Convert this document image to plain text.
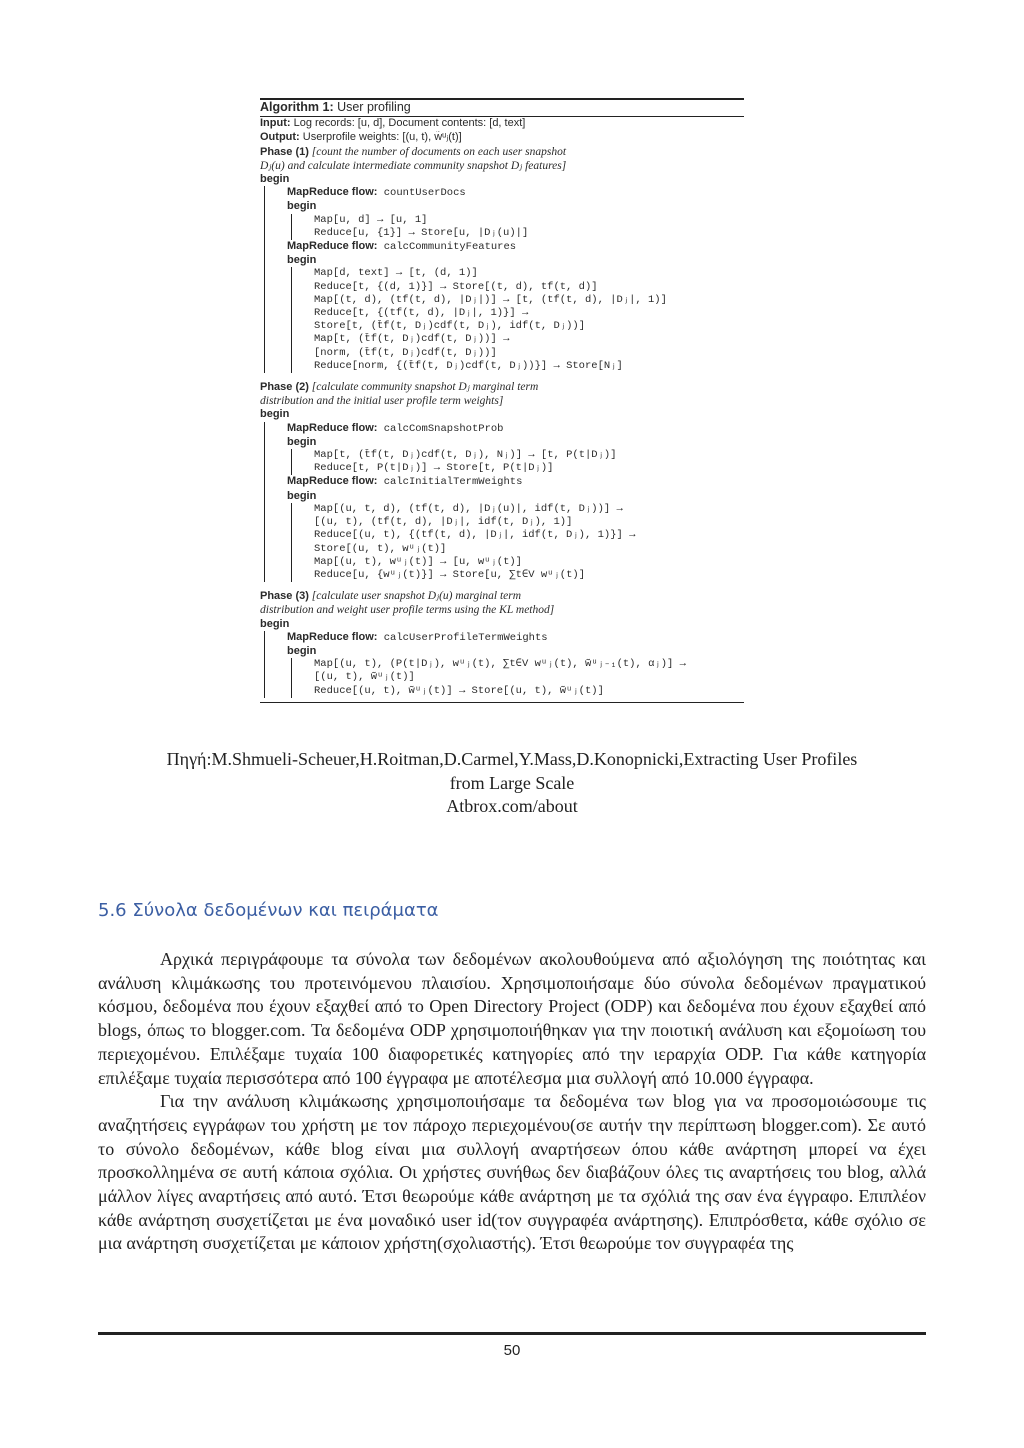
Algorithm 1: User profiling
Input: Log records: [u, d], Document contents: [d, text]
Output: Userprofile weights: [(u, t), w̃ᵘⱼ(t)]
Phase (1) [count the number of documents on each user snapshot
Dⱼ(u) and calculate intermediate community snapshot Dⱼ features]
begin
MapReduce flow: countUserDocs
begin
Map[u, d] → [u, 1]
Reduce[u, {1}] → Store[u, |Dⱼ(u)|]
MapReduce flow: calcCommunityFeatures
begin
Map[d, text] → [t, (d, 1)]
Reduce[t, {(d, 1)}] → Store[(t, d), tf(t, d)]
Map[(t, d), (tf(t, d), |Dⱼ|)] → [t, (tf(t, d), |Dⱼ|, 1)]
Reduce[t, {(tf(t, d), |Dⱼ|, 1)}] →
Store[t, (t̄f(t, Dⱼ)cdf(t, Dⱼ), idf(t, Dⱼ))]
Map[t, (t̄f(t, Dⱼ)cdf(t, Dⱼ))] →
[norm, (t̄f(t, Dⱼ)cdf(t, Dⱼ))]
Reduce[norm, {(t̄f(t, Dⱼ)cdf(t, Dⱼ))}] → Store[Nⱼ]
Phase (2) [calculate community snapshot Dⱼ marginal term
distribution and the initial user profile term weights]
begin
MapReduce flow: calcComSnapshotProb
begin
Map[t, (t̄f(t, Dⱼ)cdf(t, Dⱼ), Nⱼ)] → [t, P(t|Dⱼ)]
Reduce[t, P(t|Dⱼ)] → Store[t, P(t|Dⱼ)]
MapReduce flow: calcInitialTermWeights
begin
Map[(u, t, d), (tf(t, d), |Dⱼ(u)|, idf(t, Dⱼ))] →
[(u, t), (tf(t, d), |Dⱼ|, idf(t, Dⱼ), 1)]
Reduce[(u, t), {(tf(t, d), |Dⱼ|, idf(t, Dⱼ), 1)}] →
Store[(u, t), wᵘⱼ(t)]
Map[(u, t), wᵘⱼ(t)] → [u, wᵘⱼ(t)]
Reduce[u, {wᵘⱼ(t)}] → Store[u, ∑t∈V wᵘⱼ(t)]
Phase (3) [calculate user snapshot Dⱼ(u) marginal term
distribution and weight user profile terms using the KL method]
begin
MapReduce flow: calcUserProfileTermWeights
begin
Map[(u, t), (P(t|Dⱼ), wᵘⱼ(t), ∑t∈V wᵘⱼ(t), w̃ᵘⱼ₋₁(t), αⱼ)] →
[(u, t), w̃ᵘⱼ(t)]
Reduce[(u, t), w̃ᵘⱼ(t)] → Store[(u, t), w̃ᵘⱼ(t)]
Πηγή:M.Shmueli-Scheuer,H.Roitman,D.Carmel,Y.Mass,D.Konopnicki,Extracting User Profiles
from Large Scale
Atbrox.com/about
5.6 Σύνολα δεδομένων και πειράματα

Αρχικά περιγράφουμε τα σύνολα των δεδομένων ακολουθούμενα από αξιολόγηση της ποιότητας και ανάλυση κλιμάκωσης του προτεινόμενου πλαισίου. Χρησιμοποιήσαμε δύο σύνολα δεδομένων πραγματικού κόσμου, δεδομένα που έχουν εξαχθεί από το Open Directory Project (ODP) και δεδομένα που έχουν εξαχθεί από blogs, όπως το blogger.com. Τα δεδομένα ODP χρησιμοποιήθηκαν για την ποιοτική ανάλυση και εξομοίωση του περιεχομένου. Επιλέξαμε τυχαία 100 διαφορετικές κατηγορίες από την ιεραρχία ODP. Για κάθε κατηγορία επιλέξαμε τυχαία περισσότερα από 100 έγγραφα με αποτέλεσμα μια συλλογή από 10.000 έγγραφα.

Για την ανάλυση κλιμάκωσης χρησιμοποιήσαμε τα δεδομένα των blog για να προσομοιώσουμε τις αναζητήσεις εγγράφων του χρήστη με τον πάροχο περιεχομένου(σε αυτήν την περίπτωση blogger.com). Σε αυτό το σύνολο δεδομένων, κάθε blog είναι μια συλλογή αναρτήσεων όπου κάθε ανάρτηση μπορεί να έχει προσκολλημένα σε αυτή κάποια σχόλια. Οι χρήστες συνήθως δεν διαβάζουν όλες τις αναρτήσεις του blog, αλλά μάλλον λίγες αναρτήσεις από αυτό. Έτσι θεωρούμε κάθε ανάρτηση με τα σχόλιά της σαν ένα έγγραφο. Επιπλέον κάθε ανάρτηση συσχετίζεται με ένα μοναδικό user id(τον συγγραφέα ανάρτησης). Επιπρόσθετα, κάθε σχόλιο σε μια ανάρτηση συσχετίζεται με κάποιον χρήστη(σχολιαστής). Έτσι θεωρούμε τον συγγραφέα της

50
